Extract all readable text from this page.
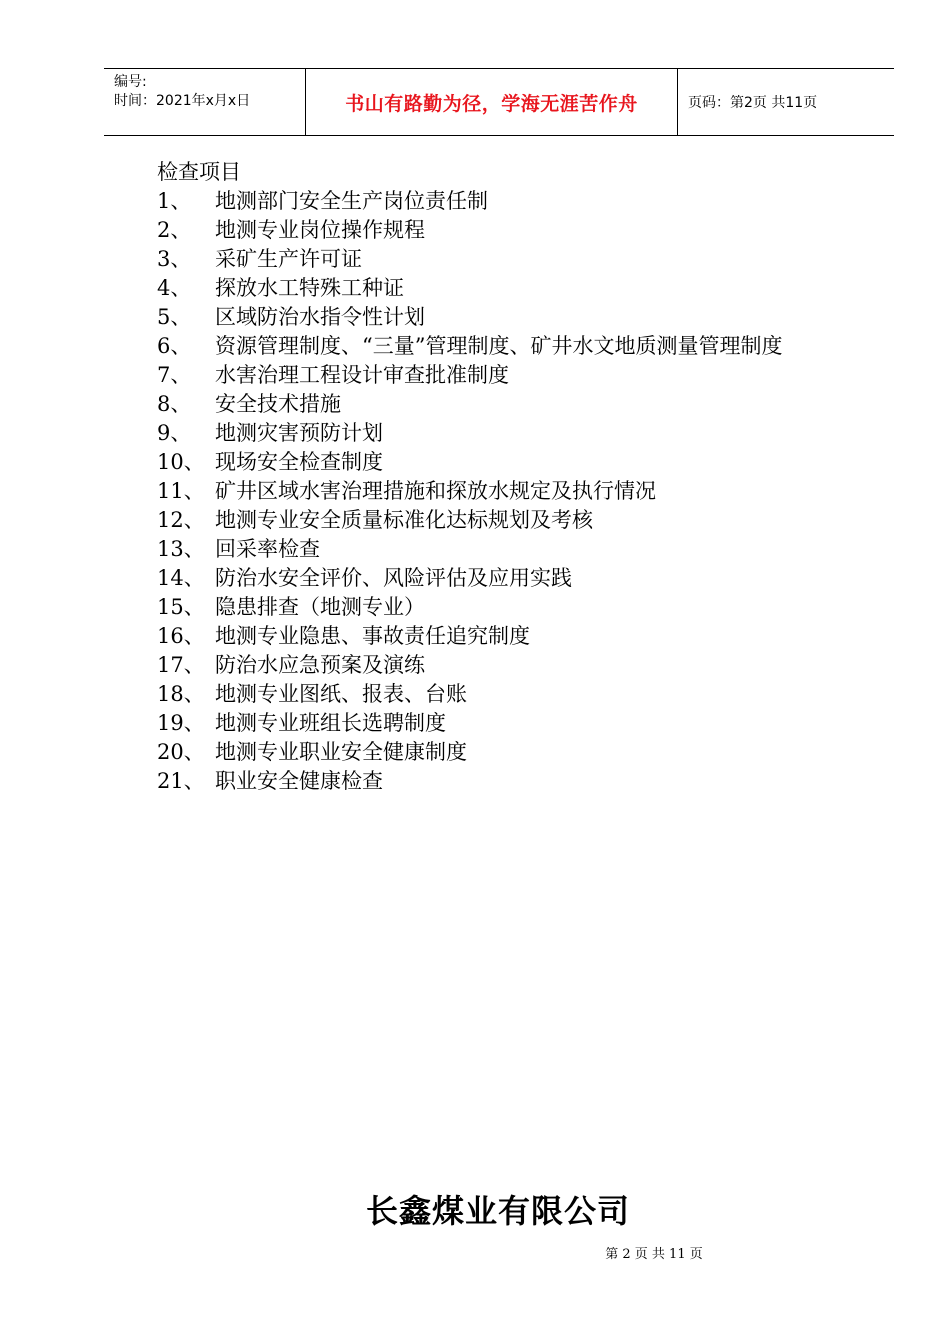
编号:
时间：2021年x月x日	书山有路勤为径，学海无涯苦作舟	页码：第2页 共11页
检查项目
1、	地测部门安全生产岗位责任制
2、	地测专业岗位操作规程
3、	采矿生产许可证
4、	探放水工特殊工种证
5、	区域防治水指令性计划
6、	资源管理制度、“三量”管理制度、矿井水文地质测量管理制度
7、	水害治理工程设计审查批准制度
8、	安全技术措施
9、	地测灾害预防计划
10、 现场安全检查制度
11、 矿井区域水害治理措施和探放水规定及执行情况
12、 地测专业安全质量标准化达标规划及考核
13、 回采率检查
14、 防治水安全评价、风险评估及应用实践
15、 隐患排查（地测专业）
16、 地测专业隐患、事故责任追究制度
17、 防治水应急预案及演练
18、 地测专业图纸、报表、台账
19、 地测专业班组长选聘制度
20、 地测专业职业安全健康制度
21、 职业安全健康检查
长鑫煤业有限公司
第 2 页 共 11 页
